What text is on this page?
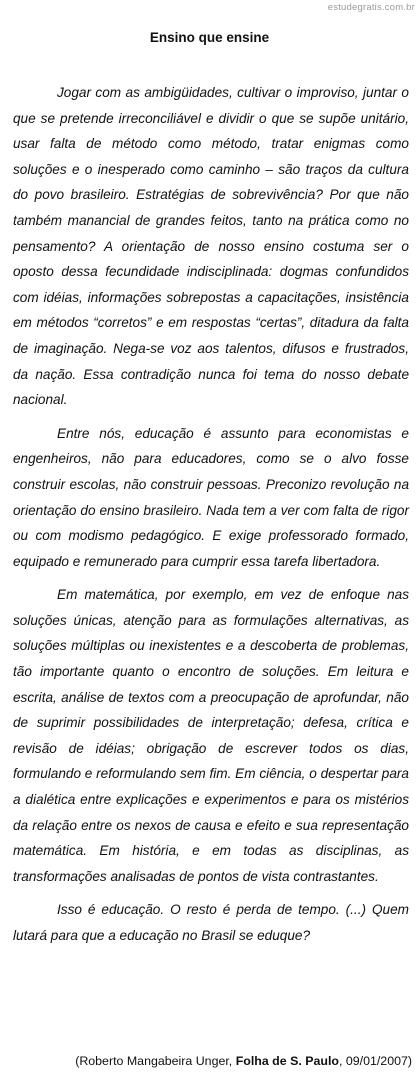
estudegratis.com.br
Ensino que ensine

Jogar com as ambigüidades, cultivar o improviso, juntar o que se pretende irreconciliável e dividir o que se supõe unitário, usar falta de método como método, tratar enigmas como soluções e o inesperado como caminho – são traços da cultura do povo brasileiro. Estratégias de sobrevivência? Por que não também manancial de grandes feitos, tanto na prática como no pensamento? A orientação de nosso ensino costuma ser o oposto dessa fecundidade indisciplinada: dogmas confundidos com idéias, informações sobrepostas a capacitações, insistência em métodos “corretos” e em respostas “certas”, ditadura da falta de imaginação. Nega-se voz aos talentos, difusos e frustrados, da nação. Essa contradição nunca foi tema do nosso debate nacional.

Entre nós, educação é assunto para economistas e engenheiros, não para educadores, como se o alvo fosse construir escolas, não construir pessoas. Preconizo revolução na orientação do ensino brasileiro. Nada tem a ver com falta de rigor ou com modismo pedagógico. E exige professorado formado, equipado e remunerado para cumprir essa tarefa libertadora.

Em matemática, por exemplo, em vez de enfoque nas soluções únicas, atenção para as formulações alternativas, as soluções múltiplas ou inexistentes e a descoberta de problemas, tão importante quanto o encontro de soluções. Em leitura e escrita, análise de textos com a preocupação de aprofundar, não de suprimir possibilidades de interpretação; defesa, crítica e revisão de idéias; obrigação de escrever todos os dias, formulando e reformulando sem fim. Em ciência, o despertar para a dialética entre explicações e experimentos e para os mistérios da relação entre os nexos de causa e efeito e sua representação matemática. Em história, e em todas as disciplinas, as transformações analisadas de pontos de vista contrastantes.

Isso é educação. O resto é perda de tempo. (...) Quem lutará para que a educação no Brasil se eduque?

(Roberto Mangabeira Unger, Folha de S. Paulo, 09/01/2007)
